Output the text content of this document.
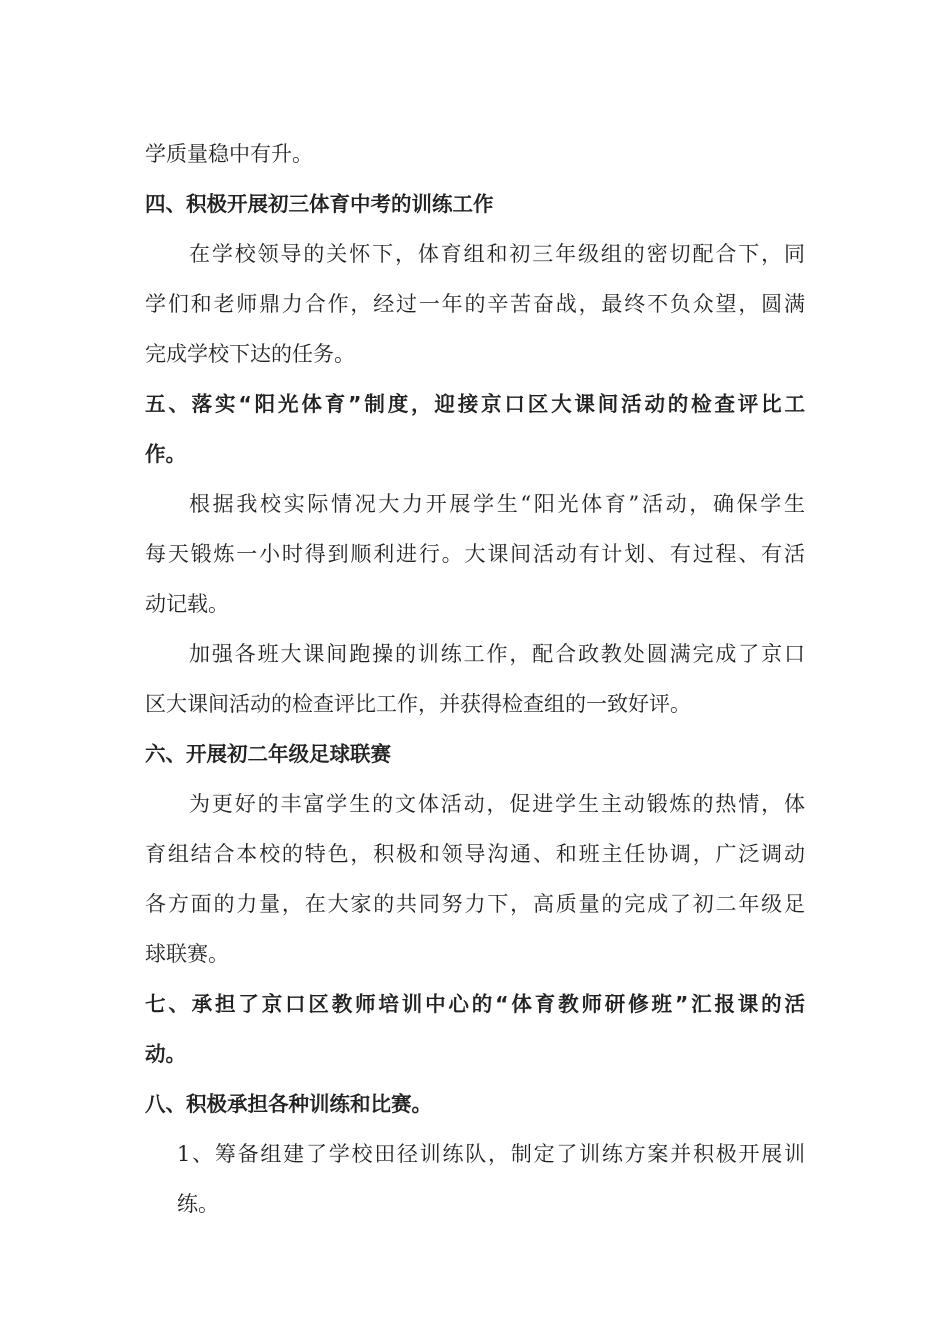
学质量稳中有升。
四、积极开展初三体育中考的训练工作
在学校领导的关怀下，体育组和初三年级组的密切配合下，同
学们和老师鼎力合作，经过一年的辛苦奋战，最终不负众望，圆满
完成学校下达的任务。
五、落实“阳光体育”制度，迎接京口区大课间活动的检查评比工
作。
根据我校实际情况大力开展学生“阳光体育”活动，确保学生
每天锻炼一小时得到顺利进行。大课间活动有计划、有过程、有活
动记载。
加强各班大课间跑操的训练工作，配合政教处圆满完成了京口
区大课间活动的检查评比工作，并获得检查组的一致好评。
六、开展初二年级足球联赛
为更好的丰富学生的文体活动，促进学生主动锻炼的热情，体
育组结合本校的特色，积极和领导沟通、和班主任协调，广泛调动
各方面的力量，在大家的共同努力下，高质量的完成了初二年级足
球联赛。
七、承担了京口区教师培训中心的“体育教师研修班”汇报课的活
动。
八、积极承担各种训练和比赛。
1、筹备组建了学校田径训练队，制定了训练方案并积极开展训
练。
